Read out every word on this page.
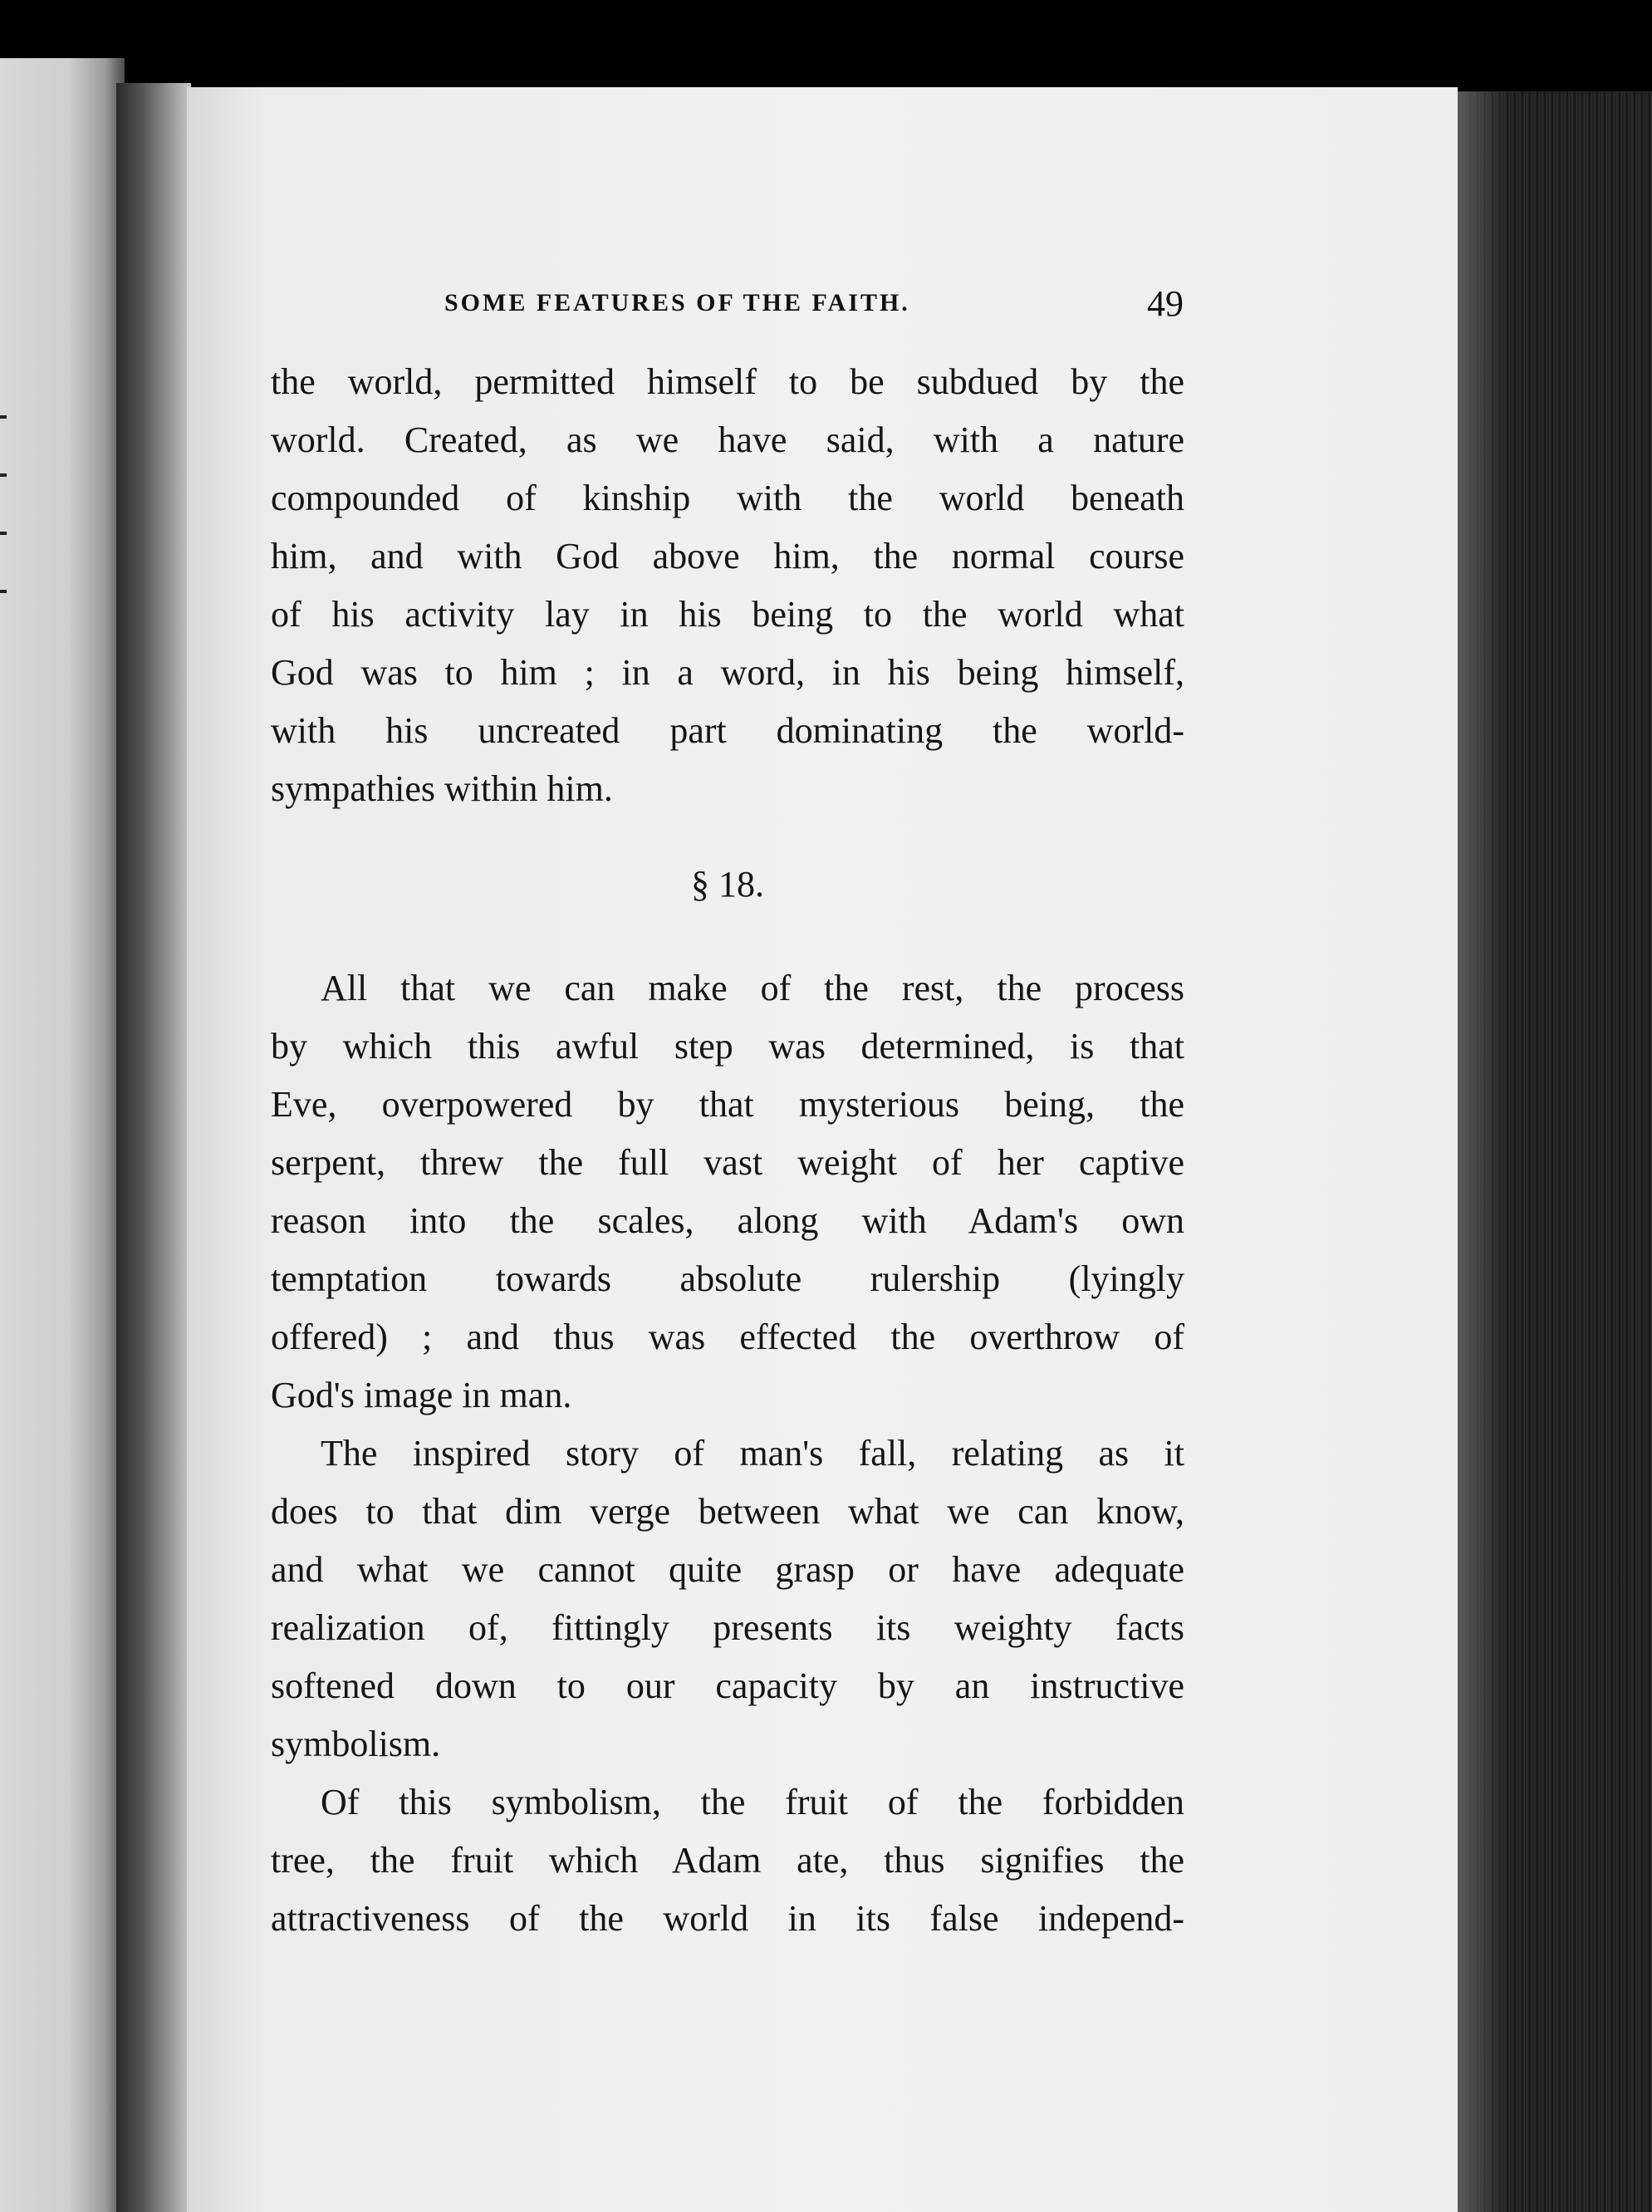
SOME FEATURES OF THE FAITH.	49
the world, permitted himself to be subdued by the
world. Created, as we have said, with a nature
compounded of kinship with the world beneath
him, and with God above him, the normal course
of his activity lay in his being to the world what
God was to him ; in a word, in his being himself,
with his uncreated part dominating the world-
sympathies within him.
§ 18.
All that we can make of the rest, the process
by which this awful step was determined, is that
Eve, overpowered by that mysterious being, the
serpent, threw the full vast weight of her captive
reason into the scales, along with Adam's own
temptation towards absolute rulership (lyingly
offered) ; and thus was effected the overthrow of
God's image in man.
The inspired story of man's fall, relating as it
does to that dim verge between what we can know,
and what we cannot quite grasp or have adequate
realization of, fittingly presents its weighty facts
softened down to our capacity by an instructive
symbolism.
Of this symbolism, the fruit of the forbidden
tree, the fruit which Adam ate, thus signifies the
attractiveness of the world in its false independ-
